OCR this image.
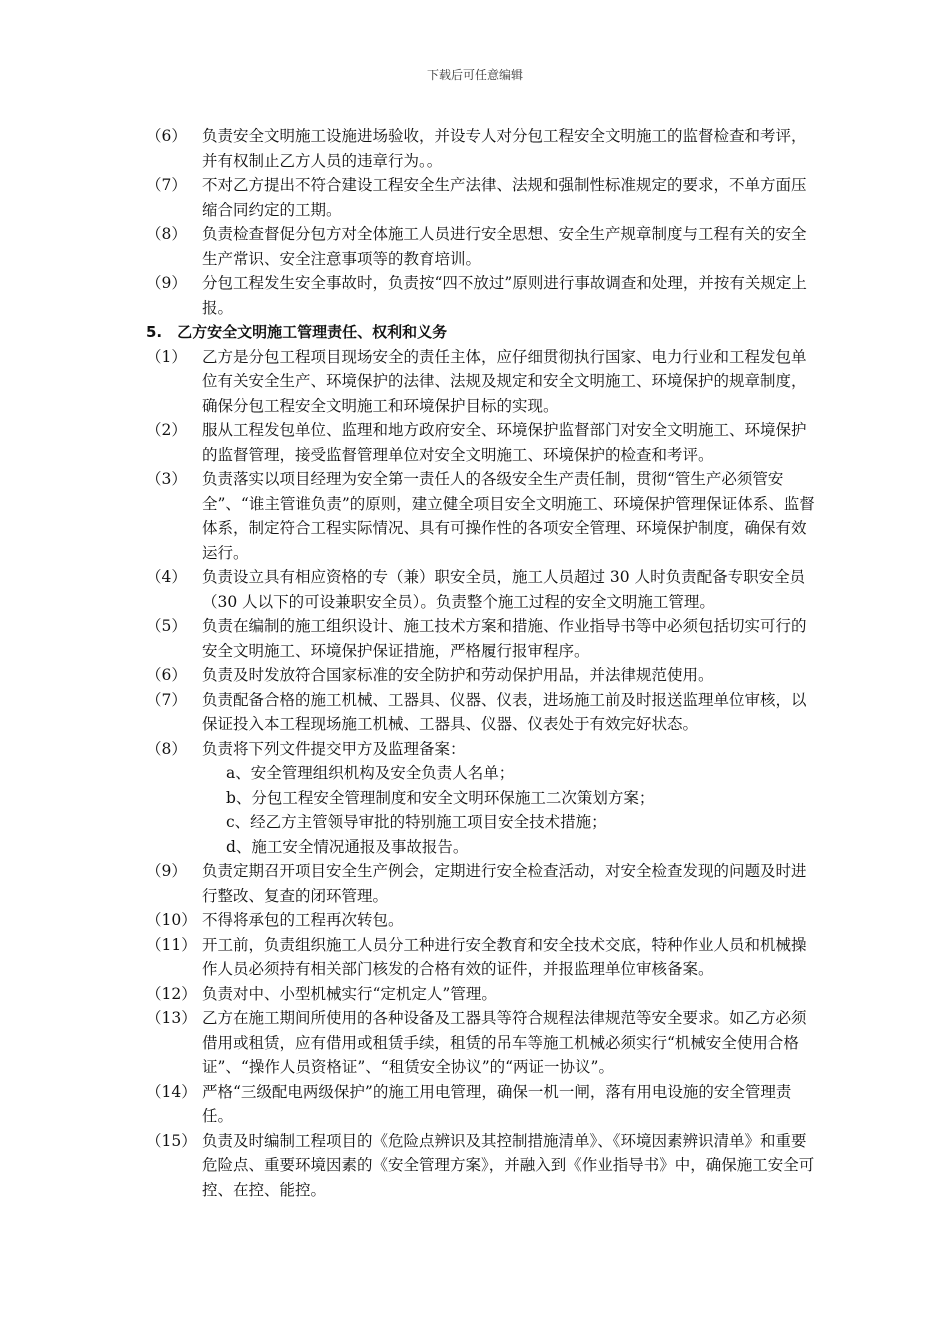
下载后可任意编辑

（6） 负责安全文明施工设施进场验收，并设专人对分包工程安全文明施工的监督检查和考评，并有权制止乙方人员的违章行为。。

（7） 不对乙方提出不符合建设工程安全生产法律、法规和强制性标准规定的要求，不单方面压缩合同约定的工期。

（8） 负责检查督促分包方对全体施工人员进行安全思想、安全生产规章制度与工程有关的安全生产常识、安全注意事项等的教育培训。

（9） 分包工程发生安全事故时，负责按“四不放过”原则进行事故调查和处理，并按有关规定上报。

5.　乙方安全文明施工管理责任、权利和义务

（1） 乙方是分包工程项目现场安全的责任主体，应仔细贯彻执行国家、电力行业和工程发包单位有关安全生产、环境保护的法律、法规及规定和安全文明施工、环境保护的规章制度，确保分包工程安全文明施工和环境保护目标的实现。

（2） 服从工程发包单位、监理和地方政府安全、环境保护监督部门对安全文明施工、环境保护的监督管理，接受监督管理单位对安全文明施工、环境保护的检查和考评。

（3） 负责落实以项目经理为安全第一责任人的各级安全生产责任制，贯彻“管生产必须管安全”、“谁主管谁负责”的原则，建立健全项目安全文明施工、环境保护管理保证体系、监督体系，制定符合工程实际情况、具有可操作性的各项安全管理、环境保护制度，确保有效运行。

（4） 负责设立具有相应资格的专（兼）职安全员，施工人员超过 30 人时负责配备专职安全员（30 人以下的可设兼职安全员）。负责整个施工过程的安全文明施工管理。

（5） 负责在编制的施工组织设计、施工技术方案和措施、作业指导书等中必须包括切实可行的安全文明施工、环境保护保证措施，严格履行报审程序。

（6） 负责及时发放符合国家标准的安全防护和劳动保护用品，并法律规范使用。

（7） 负责配备合格的施工机械、工器具、仪器、仪表，进场施工前及时报送监理单位审核，以保证投入本工程现场施工机械、工器具、仪器、仪表处于有效完好状态。

（8） 负责将下列文件提交甲方及监理备案：

a、安全管理组织机构及安全负责人名单；

b、分包工程安全管理制度和安全文明环保施工二次策划方案；

c、经乙方主管领导审批的特别施工项目安全技术措施；

d、施工安全情况通报及事故报告。

（9） 负责定期召开项目安全生产例会，定期进行安全检查活动，对安全检查发现的问题及时进行整改、复查的闭环管理。

（10） 不得将承包的工程再次转包。

（11） 开工前，负责组织施工人员分工种进行安全教育和安全技术交底，特种作业人员和机械操作人员必须持有相关部门核发的合格有效的证件，并报监理单位审核备案。

（12） 负责对中、小型机械实行“定机定人”管理。

（13） 乙方在施工期间所使用的各种设备及工器具等符合规程法律规范等安全要求。如乙方必须借用或租赁，应有借用或租赁手续，租赁的吊车等施工机械必须实行“机械安全使用合格证”、“操作人员资格证”、“租赁安全协议”的“两证一协议”。

（14） 严格“三级配电两级保护”的施工用电管理，确保一机一闸，落有用电设施的安全管理责任。

（15） 负责及时编制工程项目的《危险点辨识及其控制措施清单》、《环境因素辨识清单》和重要危险点、重要环境因素的《安全管理方案》，并融入到《作业指导书》中，确保施工安全可控、在控、能控。
